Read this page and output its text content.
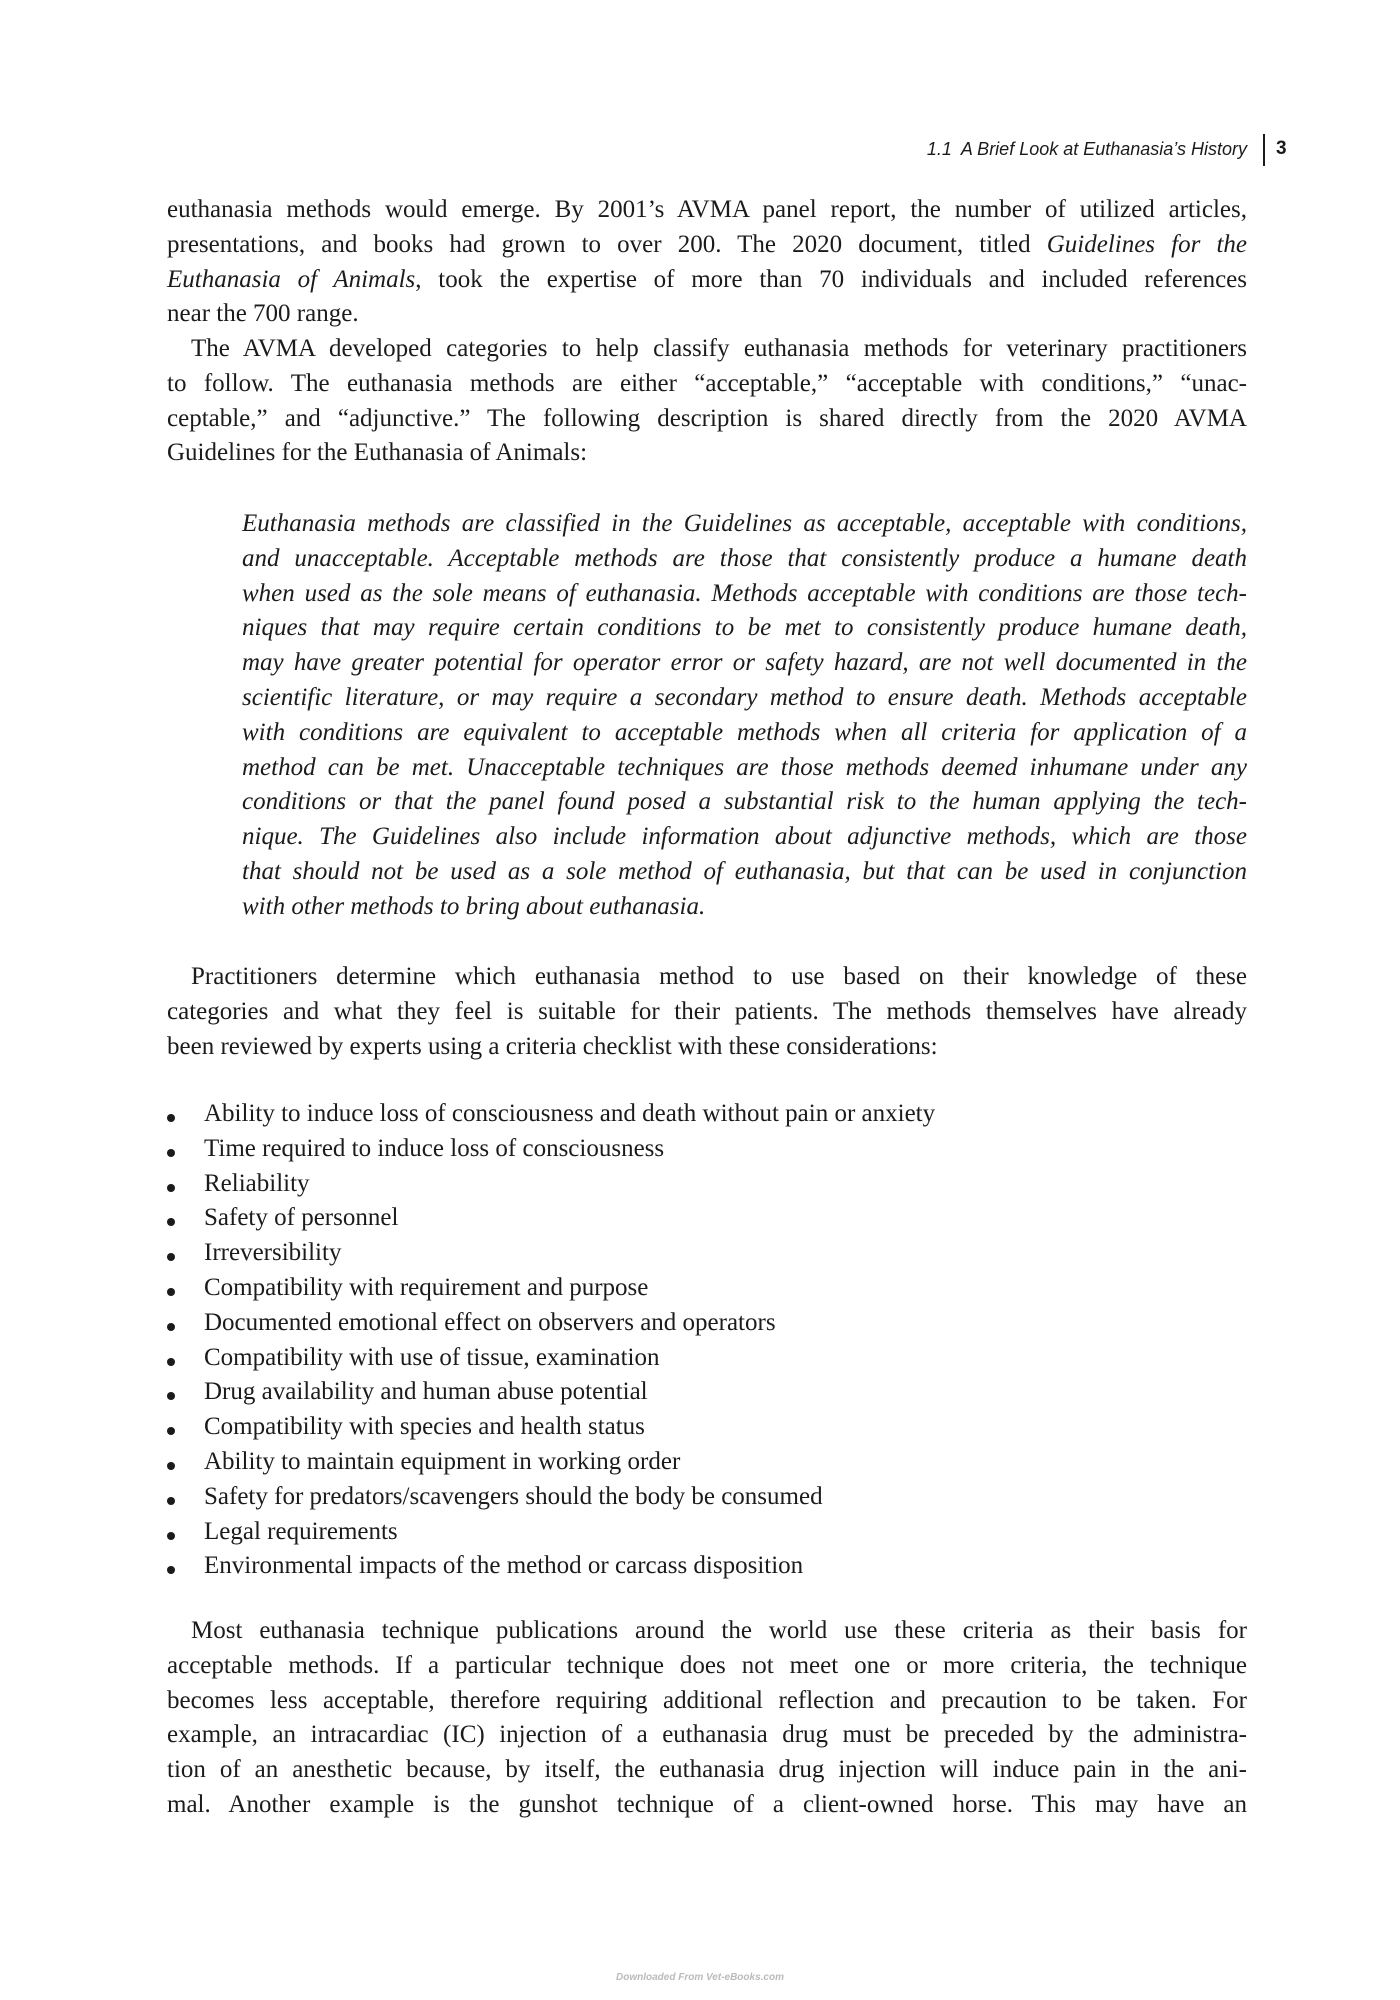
1.1 A Brief Look at Euthanasia’s History 3
euthanasia methods would emerge. By 2001’s AVMA panel report, the number of utilized articles,
presentations, and books had grown to over 200. The 2020 document, titled Guidelines for the
Euthanasia of Animals, took the expertise of more than 70 individuals and included references
near the 700 range.
The AVMA developed categories to help classify euthanasia methods for veterinary practitioners
to follow. The euthanasia methods are either “acceptable,” “acceptable with conditions,” “unac-
ceptable,” and “adjunctive.” The following description is shared directly from the 2020 AVMA
Guidelines for the Euthanasia of Animals:
Euthanasia methods are classified in the Guidelines as acceptable, acceptable with conditions,
and unacceptable. Acceptable methods are those that consistently produce a humane death
when used as the sole means of euthanasia. Methods acceptable with conditions are those tech-
niques that may require certain conditions to be met to consistently produce humane death,
may have greater potential for operator error or safety hazard, are not well documented in the
scientific literature, or may require a secondary method to ensure death. Methods acceptable
with conditions are equivalent to acceptable methods when all criteria for application of a
method can be met. Unacceptable techniques are those methods deemed inhumane under any
conditions or that the panel found posed a substantial risk to the human applying the tech-
nique. The Guidelines also include information about adjunctive methods, which are those
that should not be used as a sole method of euthanasia, but that can be used in conjunction
with other methods to bring about euthanasia.
Practitioners determine which euthanasia method to use based on their knowledge of these
categories and what they feel is suitable for their patients. The methods themselves have already
been reviewed by experts using a criteria checklist with these considerations:
Ability to induce loss of consciousness and death without pain or anxiety
Time required to induce loss of consciousness
Reliability
Safety of personnel
Irreversibility
Compatibility with requirement and purpose
Documented emotional effect on observers and operators
Compatibility with use of tissue, examination
Drug availability and human abuse potential
Compatibility with species and health status
Ability to maintain equipment in working order
Safety for predators/scavengers should the body be consumed
Legal requirements
Environmental impacts of the method or carcass disposition
Most euthanasia technique publications around the world use these criteria as their basis for
acceptable methods. If a particular technique does not meet one or more criteria, the technique
becomes less acceptable, therefore requiring additional reflection and precaution to be taken. For
example, an intracardiac (IC) injection of a euthanasia drug must be preceded by the administra-
tion of an anesthetic because, by itself, the euthanasia drug injection will induce pain in the ani-
mal. Another example is the gunshot technique of a client-owned horse. This may have an
Downloaded From Vet-eBooks.com
